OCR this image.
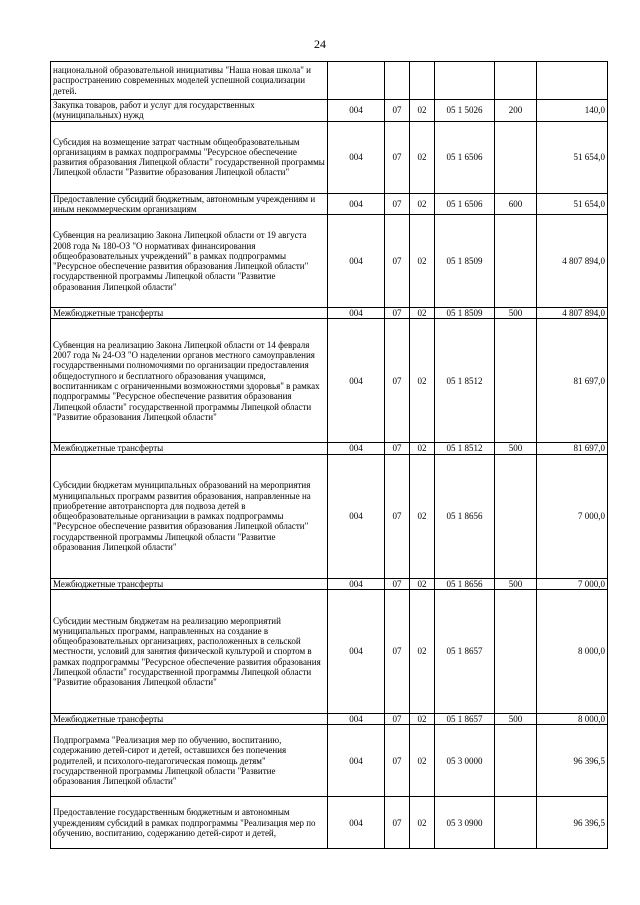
24
национальной образовательной инициативы "Наша новая школа" и распространению современных моделей успешной социализации детей.						
Закупка товаров, работ и услуг для государственных (муниципальных) нужд	004	07	02	05 1 5026	200	140,0
Субсидия на возмещение затрат частным общеобразовательным организациям в рамках подпрограммы "Ресурсное обеспечение развития образования Липецкой области" государственной программы Липецкой области "Развитие образования Липецкой области"	004	07	02	05 1 6506		51 654,0
Предоставление субсидий бюджетным, автономным учреждениям и иным некоммерческим организациям	004	07	02	05 1 6506	600	51 654,0
Субвенция на реализацию Закона Липецкой области от 19 августа 2008 года № 180-ОЗ "О нормативах финансирования общеобразовательных учреждений" в рамках подпрограммы "Ресурсное обеспечение развития образования Липецкой области" государственной программы Липецкой области "Развитие образования Липецкой области"	004	07	02	05 1 8509		4 807 894,0
Межбюджетные трансферты	004	07	02	05 1 8509	500	4 807 894,0
Субвенция на реализацию Закона Липецкой области от 14 февраля 2007 года № 24-ОЗ "О наделении органов местного самоуправления государственными полномочиями по организации предоставления общедоступного и бесплатного образования учащимся, воспитанникам с ограниченными возможностями здоровья" в рамках подпрограммы "Ресурсное обеспечение развития образования Липецкой области" государственной программы Липецкой области "Развитие образования Липецкой области"	004	07	02	05 1 8512		81 697,0
Межбюджетные трансферты	004	07	02	05 1 8512	500	81 697,0
Субсидии бюджетам муниципальных образований на мероприятия муниципальных программ развития образования, направленные на приобретение автотранспорта для подвоза детей в общеобразовательные организации в рамках подпрограммы "Ресурсное обеспечение развития образования Липецкой области" государственной программы Липецкой области "Развитие образования Липецкой области"	004	07	02	05 1 8656		7 000,0
Межбюджетные трансферты	004	07	02	05 1 8656	500	7 000,0
Субсидии местным бюджетам на реализацию мероприятий муниципальных программ, направленных на создание в общеобразовательных организациях, расположенных в сельской местности, условий для занятия физической культурой и спортом в рамках подпрограммы "Ресурсное обеспечение развития образования Липецкой области" государственной программы Липецкой области "Развитие образования Липецкой области"	004	07	02	05 1 8657		8 000,0
Межбюджетные трансферты	004	07	02	05 1 8657	500	8 000,0
Подпрограмма "Реализация мер по обучению, воспитанию, содержанию детей-сирот и детей, оставшихся без попечения родителей, и психолого-педагогическая помощь детям" государственной программы Липецкой области "Развитие образования Липецкой области"	004	07	02	05 3 0000		96 396,5
Предоставление государственным бюджетным и автономным учреждениям субсидий в рамках подпрограммы "Реализация мер по обучению, воспитанию, содержанию детей-сирот и детей,	004	07	02	05 3 0900		96 396,5
